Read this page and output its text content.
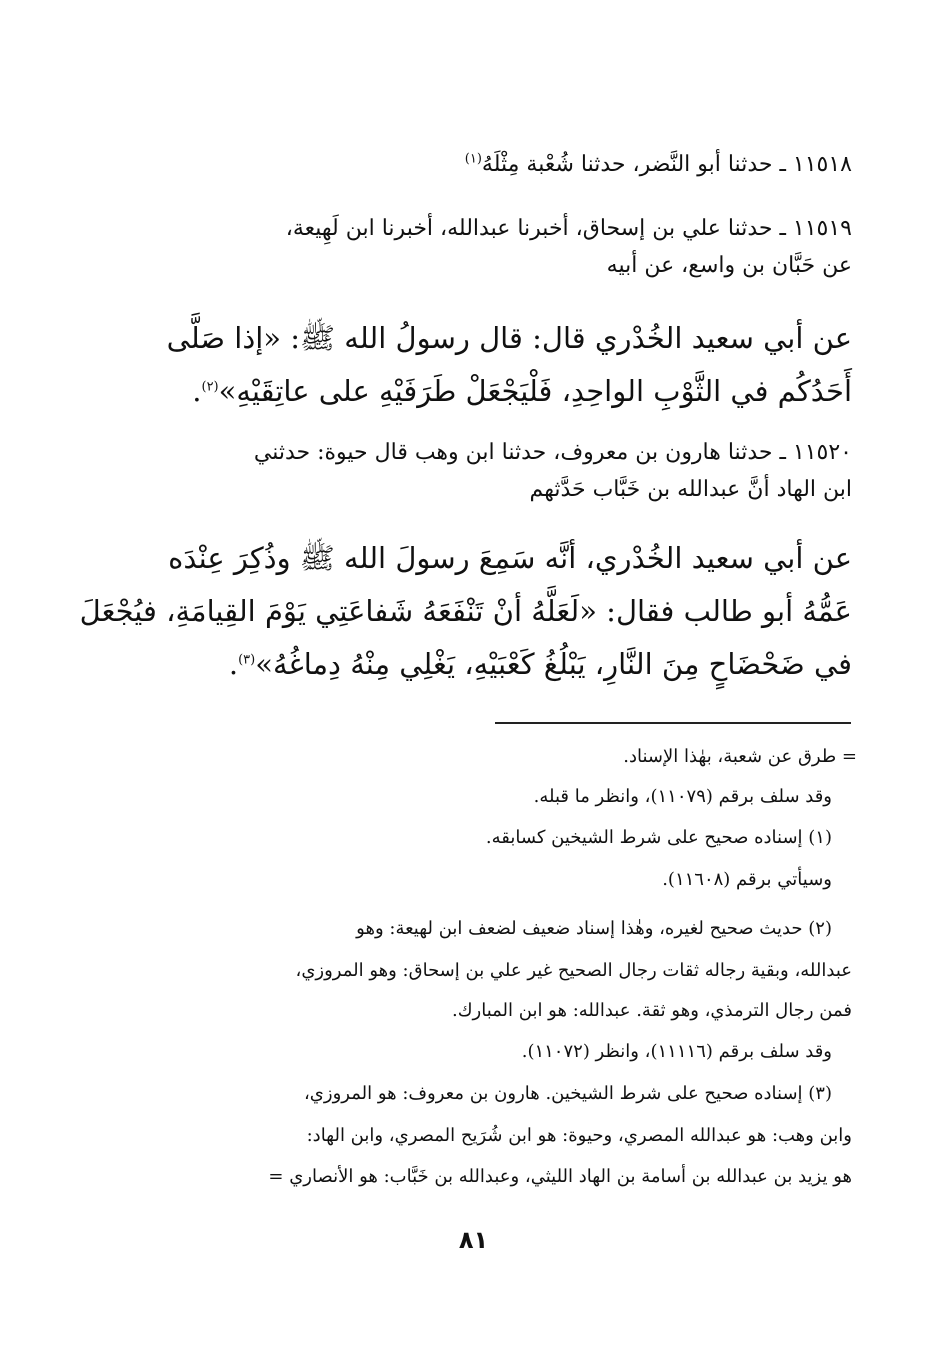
١١٥١٨ ـ حدثنا أبو النَّضر، حدثنا شُعْبة مِثْلَهُ$^{(١)}$
١١٥١٩ ـ حدثنا علي بن إسحاق، أخبرنا عبدالله، أخبرنا ابن لَهِيعة،
عن حَبَّان بن واسع، عن أبيه
عن أبي سعيد الخُدْري قال: قال رسولُ الله ﷺ: «إذا صَلَّى
أَحَدُكُم في الثَّوْبِ الواحِدِ، فَلْيَجْعَلْ طَرَفَيْهِ على عاتِقَيْهِ»$^{(٢)}$.
١١٥٢٠ ـ حدثنا هارون بن معروف، حدثنا ابن وهب قال حيوة: حدثني
ابن الهاد أنَّ عبدالله بن خَبَّاب حَدَّثهم
عن أبي سعيد الخُدْري، أنَّه سَمِعَ رسولَ الله ﷺ وذُكِرَ عِنْدَه
عَمُّهُ أبو طالب فقال: «لَعَلَّهُ أنْ تَنْفَعَهُ شَفاعَتِي يَوْمَ القِيامَةِ، فيُجْعَلَ
في ضَحْضَاحٍ مِنَ النَّارِ، يَبْلُغُ كَعْبَيْهِ، يَغْلِي مِنْهُ دِماغُهُ»$^{(٣)}$.
= طرق عن شعبة، بهٰذا الإسناد.
وقد سلف برقم (١١٠٧٩)، وانظر ما قبله.
(١) إسناده صحيح على شرط الشيخين كسابقه.
وسيأتي برقم (١١٦٠٨).
(٢) حديث صحيح لغيره، وهٰذا إسناد ضعيف لضعف ابن لهيعة: وهو
عبدالله، وبقية رجاله ثقات رجال الصحيح غير علي بن إسحاق: وهو المروزي،
فمن رجال الترمذي، وهو ثقة. عبدالله: هو ابن المبارك.
وقد سلف برقم (١١١١٦)، وانظر (١١٠٧٢).
(٣) إسناده صحيح على شرط الشيخين. هارون بن معروف: هو المروزي،
وابن وهب: هو عبدالله المصري، وحيوة: هو ابن شُرَيح المصري، وابن الهاد:
هو يزيد بن عبدالله بن أسامة بن الهاد الليثي، وعبدالله بن خَبَّاب: هو الأنصاري =
٨١
